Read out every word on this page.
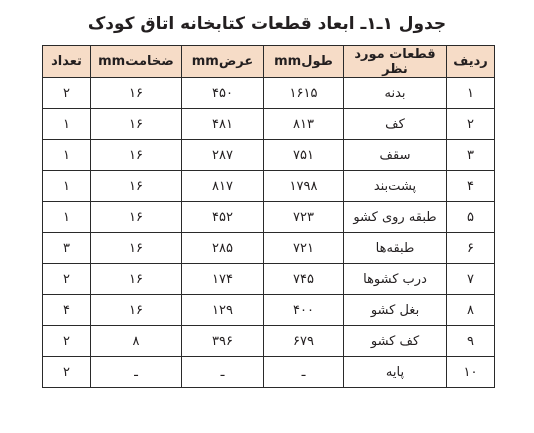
جدول ۱ـ۱ـ ابعاد قطعات کتابخانه اتاق کودک
ردیف	قطعات مورد نظر	طولmm	عرضmm	ضخامتmm	تعداد
۱	بدنه	۱۶۱۵	۴۵۰	۱۶	۲
۲	کف	۸۱۳	۴۸۱	۱۶	۱
۳	سقف	۷۵۱	۲۸۷	۱۶	۱
۴	پشت‌بند	۱۷۹۸	۸۱۷	۱۶	۱
۵	طبقه روی کشو	۷۲۳	۴۵۲	۱۶	۱
۶	طبقه‌ها	۷۲۱	۲۸۵	۱۶	۳
۷	درب کشوها	۷۴۵	۱۷۴	۱۶	۲
۸	بغل کشو	۴۰۰	۱۲۹	۱۶	۴
۹	کف کشو	۶۷۹	۳۹۶	۸	۲
۱۰	پایه	ـ	ـ	ـ	۲
